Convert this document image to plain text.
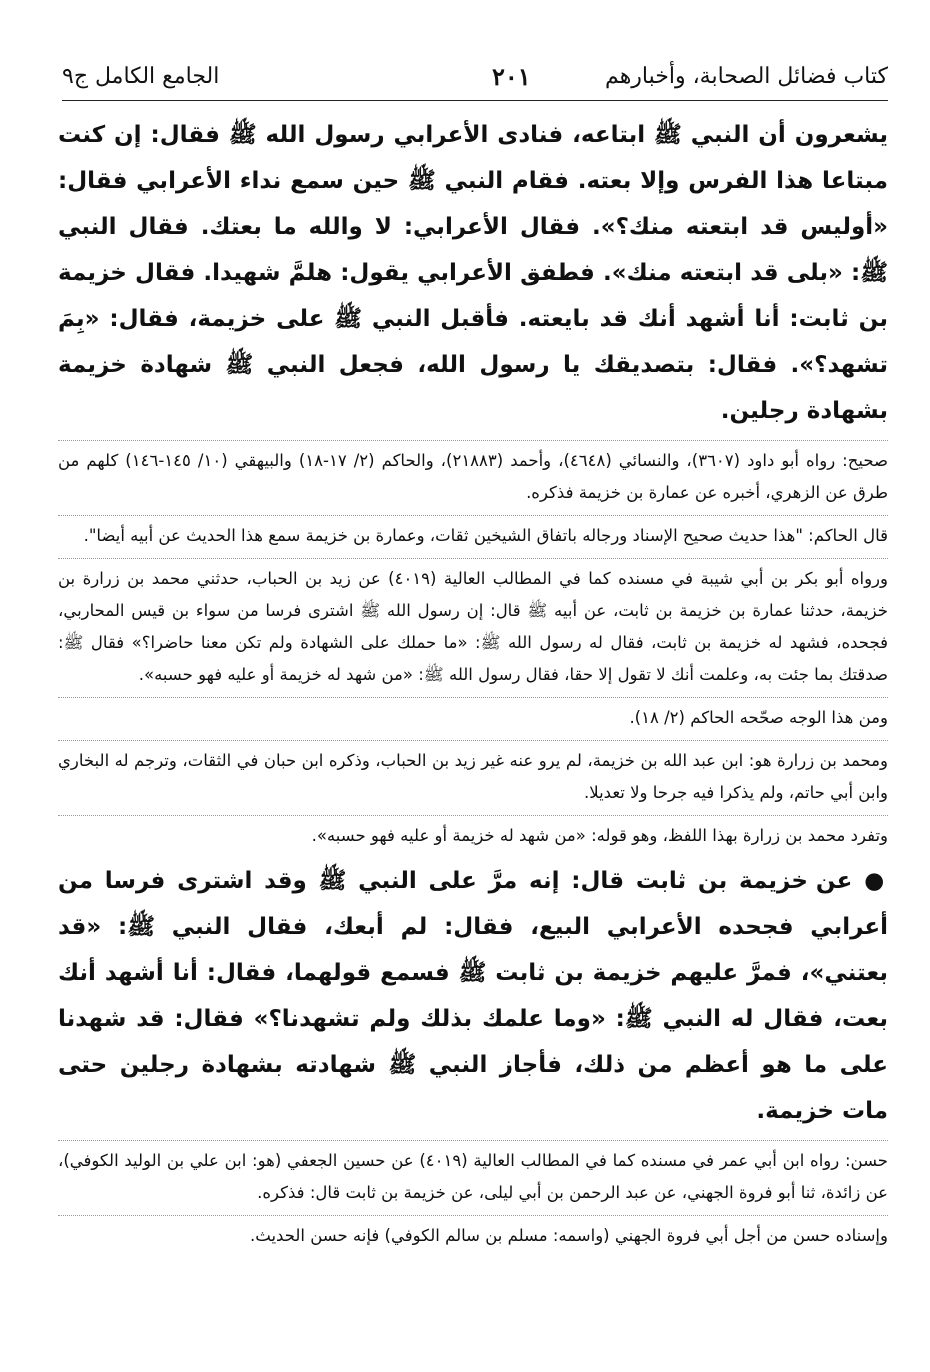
كتاب فضائل الصحابة، وأخبارهم
٢٠١
الجامع الكامل ج٩

يشعرون أن النبي ﷺ ابتاعه، فنادى الأعرابي رسول الله ﷺ فقال: إن كنت مبتاعا هذا الفرس وإلا بعته. فقام النبي ﷺ حين سمع نداء الأعرابي فقال: «أوليس قد ابتعته منك؟». فقال الأعرابي: لا والله ما بعتك. فقال النبي ﷺ: «بلى قد ابتعته منك». فطفق الأعرابي يقول: هلمَّ شهيدا. فقال خزيمة بن ثابت: أنا أشهد أنك قد بايعته. فأقبل النبي ﷺ على خزيمة، فقال: «بِمَ تشهد؟». فقال: بتصديقك يا رسول الله، فجعل النبي ﷺ شهادة خزيمة بشهادة رجلين.

صحيح: رواه أبو داود (٣٦٠٧)، والنسائي (٤٦٤٨)، وأحمد (٢١٨٨٣)، والحاكم (٢/ ١٧-١٨) والبيهقي (١٠/ ١٤٥-١٤٦) كلهم من طرق عن الزهري، أخبره عن عمارة بن خزيمة فذكره.

قال الحاكم: "هذا حديث صحيح الإسناد ورجاله باتفاق الشيخين ثقات، وعمارة بن خزيمة سمع هذا الحديث عن أبيه أيضا".

ورواه أبو بكر بن أبي شيبة في مسنده كما في المطالب العالية (٤٠١٩) عن زيد بن الحباب، حدثني محمد بن زرارة بن خزيمة، حدثنا عمارة بن خزيمة بن ثابت، عن أبيه ﷺ قال: إن رسول الله ﷺ اشترى فرسا من سواء بن قيس المحاربي، فجحده، فشهد له خزيمة بن ثابت، فقال له رسول الله ﷺ: «ما حملك على الشهادة ولم تكن معنا حاضرا؟» فقال ﷺ: صدقتك بما جئت به، وعلمت أنك لا تقول إلا حقا، فقال رسول الله ﷺ: «من شهد له خزيمة أو عليه فهو حسبه».

ومن هذا الوجه صحّحه الحاكم (٢/ ١٨).

ومحمد بن زرارة هو: ابن عبد الله بن خزيمة، لم يرو عنه غير زيد بن الحباب، وذكره ابن حبان في الثقات، وترجم له البخاري وابن أبي حاتم، ولم يذكرا فيه جرحا ولا تعديلا.

وتفرد محمد بن زرارة بهذا اللفظ، وهو قوله: «من شهد له خزيمة أو عليه فهو حسبه».

● عن خزيمة بن ثابت قال: إنه مرَّ على النبي ﷺ وقد اشترى فرسا من أعرابي فجحده الأعرابي البيع، فقال: لم أبعك، فقال النبي ﷺ: «قد بعتني»، فمرَّ عليهم خزيمة بن ثابت ﷺ فسمع قولهما، فقال: أنا أشهد أنك بعت، فقال له النبي ﷺ: «وما علمك بذلك ولم تشهدنا؟» فقال: قد شهدنا على ما هو أعظم من ذلك، فأجاز النبي ﷺ شهادته بشهادة رجلين حتى مات خزيمة.

حسن: رواه ابن أبي عمر في مسنده كما في المطالب العالية (٤٠١٩) عن حسين الجعفي (هو: ابن علي بن الوليد الكوفي)، عن زائدة، ثنا أبو فروة الجهني، عن عبد الرحمن بن أبي ليلى، عن خزيمة بن ثابت قال: فذكره.

وإسناده حسن من أجل أبي فروة الجهني (واسمه: مسلم بن سالم الكوفي) فإنه حسن الحديث.
